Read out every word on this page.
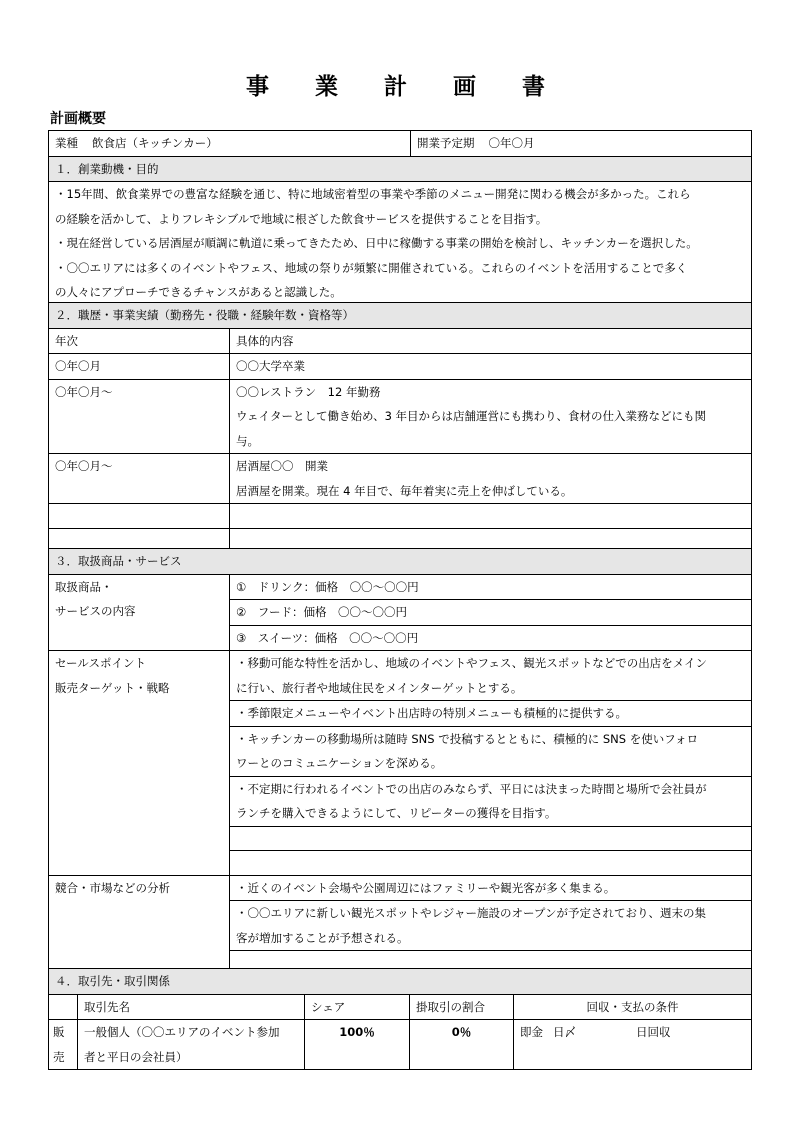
事 業 計 画 書
計画概要
業種 飲食店（キッチンカー）	開業予定期 〇年〇月
１．創業動機・目的

・15年間、飲食業界での豊富な経験を通じ、特に地域密着型の事業や季節のメニュー開発に関わる機会が多かった。これら
の経験を活かして、よりフレキシブルで地域に根ざした飲食サービスを提供することを目指す。
・現在経営している居酒屋が順調に軌道に乗ってきたため、日中に稼働する事業の開始を検討し、キッチンカーを選択した。
・〇〇エリアには多くのイベントやフェス、地域の祭りが頻繁に開催されている。これらのイベントを活用することで多く
の人々にアプローチできるチャンスがあると認識した。
２．職歴・事業実績（勤務先・役職・経験年数・資格等）	
年次	具体的内容
〇年〇月	〇〇大学卒業

〇年〇月～	〇〇レストラン　12 年勤務
ウェイターとして働き始め、3 年目からは店舗運営にも携わり、食材の仕入業務などにも関
与。

〇年〇月～	居酒屋〇〇　開業
居酒屋を開業。現在 4 年目で、毎年着実に売上を伸ばしている。

３．取扱商品・サービス	

取扱商品・
サービスの内容	①　ドリンク：価格　〇〇～〇〇円
	②　フード：価格　〇〇～〇〇円
	③　スイーツ：価格　〇〇～〇〇円

セールスポイント
販売ターゲット・戦略	・移動可能な特性を活かし、地域のイベントやフェス、観光スポットなどでの出店をメイン
に行い、旅行者や地域住民をメインターゲットとする。

	・季節限定メニューやイベント出店時の特別メニューも積極的に提供する。

	・キッチンカーの移動場所は随時 SNS で投稿するとともに、積極的に SNS を使いフォロ
ワーとのコミュニケーションを深める。

	・不定期に行われるイベントでの出店のみならず、平日には決まった時間と場所で会社員が
ランチを購入できるようにして、リピーターの獲得を目指す。

競合・市場などの分析	・近くのイベント会場や公園周辺にはファミリーや観光客が多く集まる。

	・〇〇エリアに新しい観光スポットやレジャー施設のオープンが予定されており、週末の集
客が増加することが予想される。

４．取引先・取引関係				
	取引先名	シェア	掛取引の割合	回収・支払の条件

販
売	一般個人（〇〇エリアのイベント参加
者と平日の会社員）	100％	0％	即金 日〆 日回収
